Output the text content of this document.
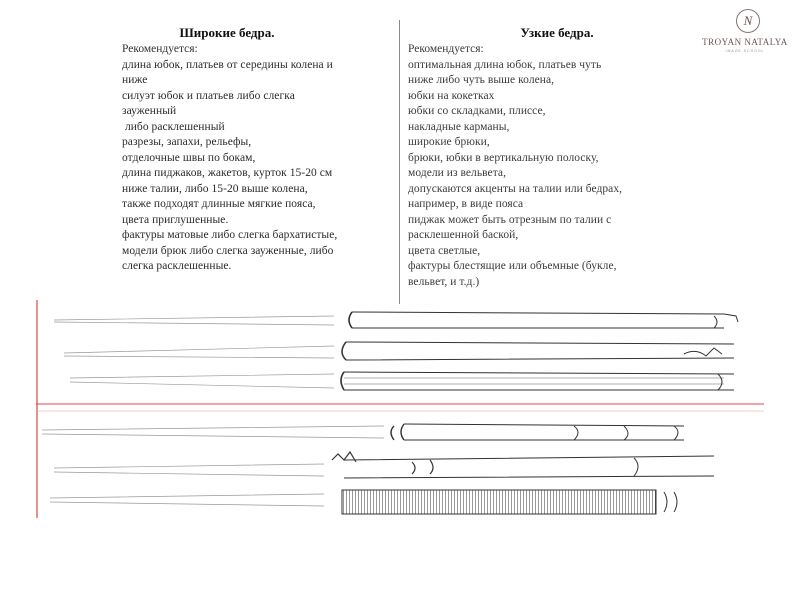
Широкие бедра.
Рекомендуется:
длина юбок, платьев от середины колена и
ниже
силуэт юбок и платьев либо слегка
зауженный
либо расклешенный
разрезы, запахи, рельефы,
отделочные швы по бокам,
длина пиджаков, жакетов, курток 15-20 см
ниже талии, либо 15-20 выше колена,
также подходят длинные мягкие пояса,
цвета приглушенные.
фактуры матовые либо слегка бархатистые,
модели брюк либо слегка зауженные, либо
слегка расклешенные.
Узкие бедра.
Рекомендуется:
оптимальная длина юбок, платьев чуть
ниже либо чуть выше колена,
юбки на кокетках
юбки со складками, плиссе,
накладные карманы,
широкие брюки,
брюки, юбки в вертикальную полоску,
модели из вельвета,
допускаются акценты на талии или бедрах,
например, в виде пояса
пиджак может быть отрезным по талии с
расклешенной баской,
цвета светлые,
фактуры блестящие или объемные (букле,
вельвет, и т.д.)
N
TROYAN NATALYA
IMAGE SCHOOL
